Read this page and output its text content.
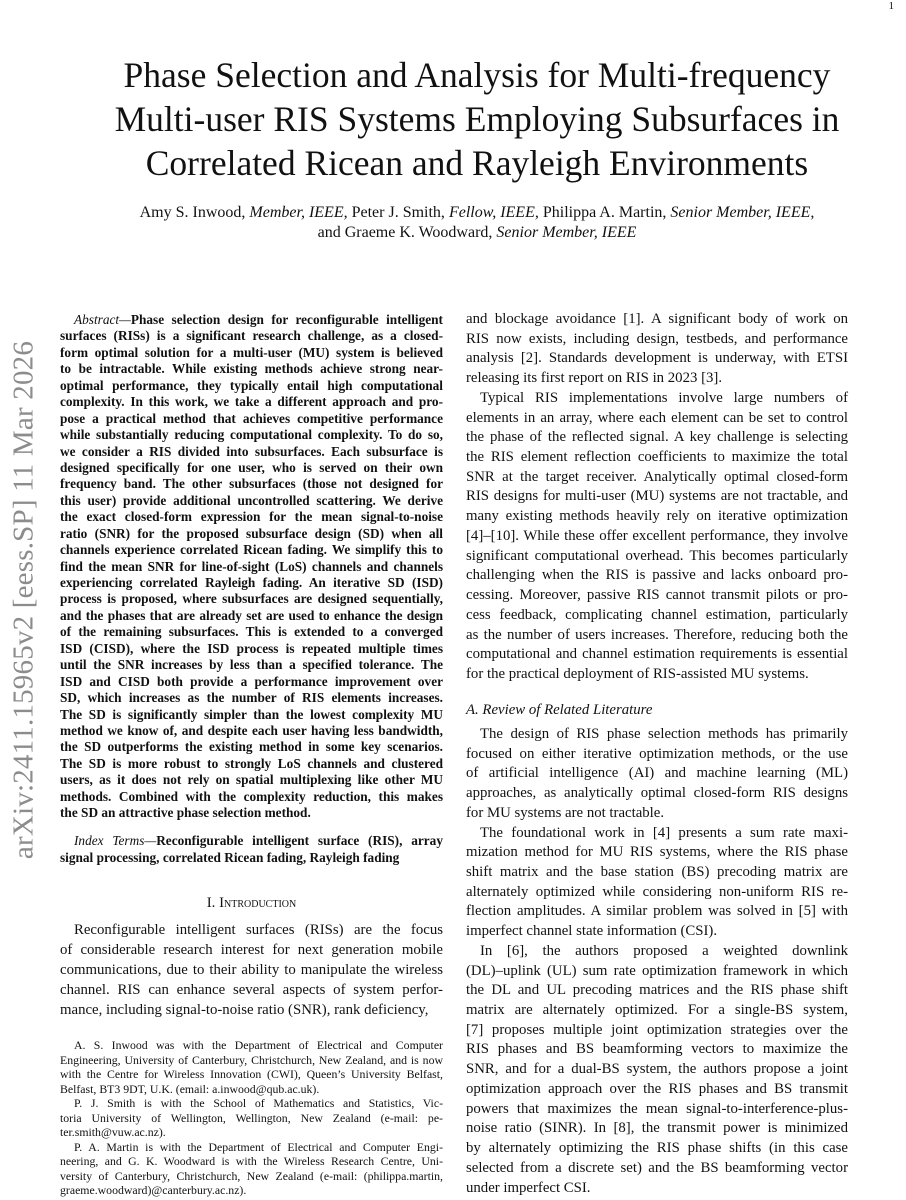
1
arXiv:2411.15965v2 [eess.SP] 11 Mar 2026
Phase Selection and Analysis for Multi-frequency
Multi-user RIS Systems Employing Subsurfaces in
Correlated Ricean and Rayleigh Environments
Amy S. Inwood, Member, IEEE, Peter J. Smith, Fellow, IEEE, Philippa A. Martin, Senior Member, IEEE,
and Graeme K. Woodward, Senior Member, IEEE
Abstract—Phase selection design for reconfigurable intelligent
surfaces (RISs) is a significant research challenge, as a closed-
form optimal solution for a multi-user (MU) system is believed
to be intractable. While existing methods achieve strong near-
optimal performance, they typically entail high computational
complexity. In this work, we take a different approach and pro-
pose a practical method that achieves competitive performance
while substantially reducing computational complexity. To do so,
we consider a RIS divided into subsurfaces. Each subsurface is
designed specifically for one user, who is served on their own
frequency band. The other subsurfaces (those not designed for
this user) provide additional uncontrolled scattering. We derive
the exact closed-form expression for the mean signal-to-noise
ratio (SNR) for the proposed subsurface design (SD) when all
channels experience correlated Ricean fading. We simplify this to
find the mean SNR for line-of-sight (LoS) channels and channels
experiencing correlated Rayleigh fading. An iterative SD (ISD)
process is proposed, where subsurfaces are designed sequentially,
and the phases that are already set are used to enhance the design
of the remaining subsurfaces. This is extended to a converged
ISD (CISD), where the ISD process is repeated multiple times
until the SNR increases by less than a specified tolerance. The
ISD and CISD both provide a performance improvement over
SD, which increases as the number of RIS elements increases.
The SD is significantly simpler than the lowest complexity MU
method we know of, and despite each user having less bandwidth,
the SD outperforms the existing method in some key scenarios.
The SD is more robust to strongly LoS channels and clustered
users, as it does not rely on spatial multiplexing like other MU
methods. Combined with the complexity reduction, this makes
the SD an attractive phase selection method.
Index Terms—Reconfigurable intelligent surface (RIS), array
signal processing, correlated Ricean fading, Rayleigh fading
I. Introduction
Reconfigurable intelligent surfaces (RISs) are the focus
of considerable research interest for next generation mobile
communications, due to their ability to manipulate the wireless
channel. RIS can enhance several aspects of system perfor-
mance, including signal-to-noise ratio (SNR), rank deficiency,
A. S. Inwood was with the Department of Electrical and Computer
Engineering, University of Canterbury, Christchurch, New Zealand, and is now
with the Centre for Wireless Innovation (CWI), Queen’s University Belfast,
Belfast, BT3 9DT, U.K. (email: a.inwood@qub.ac.uk).
P. J. Smith is with the School of Mathematics and Statistics, Vic-
toria University of Wellington, Wellington, New Zealand (e-mail: pe-
ter.smith@vuw.ac.nz).
P. A. Martin is with the Department of Electrical and Computer Engi-
neering, and G. K. Woodward is with the Wireless Research Centre, Uni-
versity of Canterbury, Christchurch, New Zealand (e-mail: (philippa.martin,
graeme.woodward)@canterbury.ac.nz).
and blockage avoidance [1]. A significant body of work on
RIS now exists, including design, testbeds, and performance
analysis [2]. Standards development is underway, with ETSI
releasing its first report on RIS in 2023 [3].
Typical RIS implementations involve large numbers of
elements in an array, where each element can be set to control
the phase of the reflected signal. A key challenge is selecting
the RIS element reflection coefficients to maximize the total
SNR at the target receiver. Analytically optimal closed-form
RIS designs for multi-user (MU) systems are not tractable, and
many existing methods heavily rely on iterative optimization
[4]–[10]. While these offer excellent performance, they involve
significant computational overhead. This becomes particularly
challenging when the RIS is passive and lacks onboard pro-
cessing. Moreover, passive RIS cannot transmit pilots or pro-
cess feedback, complicating channel estimation, particularly
as the number of users increases. Therefore, reducing both the
computational and channel estimation requirements is essential
for the practical deployment of RIS-assisted MU systems.
A. Review of Related Literature
The design of RIS phase selection methods has primarily
focused on either iterative optimization methods, or the use
of artificial intelligence (AI) and machine learning (ML)
approaches, as analytically optimal closed-form RIS designs
for MU systems are not tractable.
The foundational work in [4] presents a sum rate maxi-
mization method for MU RIS systems, where the RIS phase
shift matrix and the base station (BS) precoding matrix are
alternately optimized while considering non-uniform RIS re-
flection amplitudes. A similar problem was solved in [5] with
imperfect channel state information (CSI).
In [6], the authors proposed a weighted downlink
(DL)–uplink (UL) sum rate optimization framework in which
the DL and UL precoding matrices and the RIS phase shift
matrix are alternately optimized. For a single-BS system,
[7] proposes multiple joint optimization strategies over the
RIS phases and BS beamforming vectors to maximize the
SNR, and for a dual-BS system, the authors propose a joint
optimization approach over the RIS phases and BS transmit
powers that maximizes the mean signal-to-interference-plus-
noise ratio (SINR). In [8], the transmit power is minimized
by alternately optimizing the RIS phase shifts (in this case
selected from a discrete set) and the BS beamforming vector
under imperfect CSI.
